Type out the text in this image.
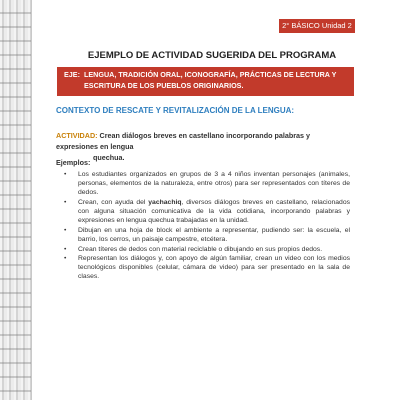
2° BÁSICO Unidad 2
EJEMPLO DE ACTIVIDAD SUGERIDA DEL PROGRAMA
EJE: LENGUA, TRADICIÓN ORAL, ICONOGRAFÍA, PRÁCTICAS DE LECTURA Y ESCRITURA DE LOS PUEBLOS ORIGINARIOS.
CONTEXTO DE RESCATE Y REVITALIZACIÓN DE LA LENGUA:
ACTIVIDAD: Crean diálogos breves en castellano incorporando palabras y expresiones en lengua
quechua.
Ejemplos:
• Los estudiantes organizados en grupos de 3 a 4 niños inventan personajes (animales, personas, elementos de la naturaleza, entre otros) para ser representados con títeres de dedos.
• Crean, con ayuda del yachachiq, diversos diálogos breves en castellano, relacionados con alguna situación comunicativa de la vida cotidiana, incorporando palabras y expresiones en lengua quechua trabajadas en la unidad.
• Dibujan en una hoja de block el ambiente a representar, pudiendo ser: la escuela, el barrio, los cerros, un paisaje campestre, etcétera.
• Crean títeres de dedos con material reciclable o dibujando en sus propios dedos.
• Representan los diálogos y, con apoyo de algún familiar, crean un video con los medios tecnológicos disponibles (celular, cámara de video) para ser presentado en la sala de clases.
